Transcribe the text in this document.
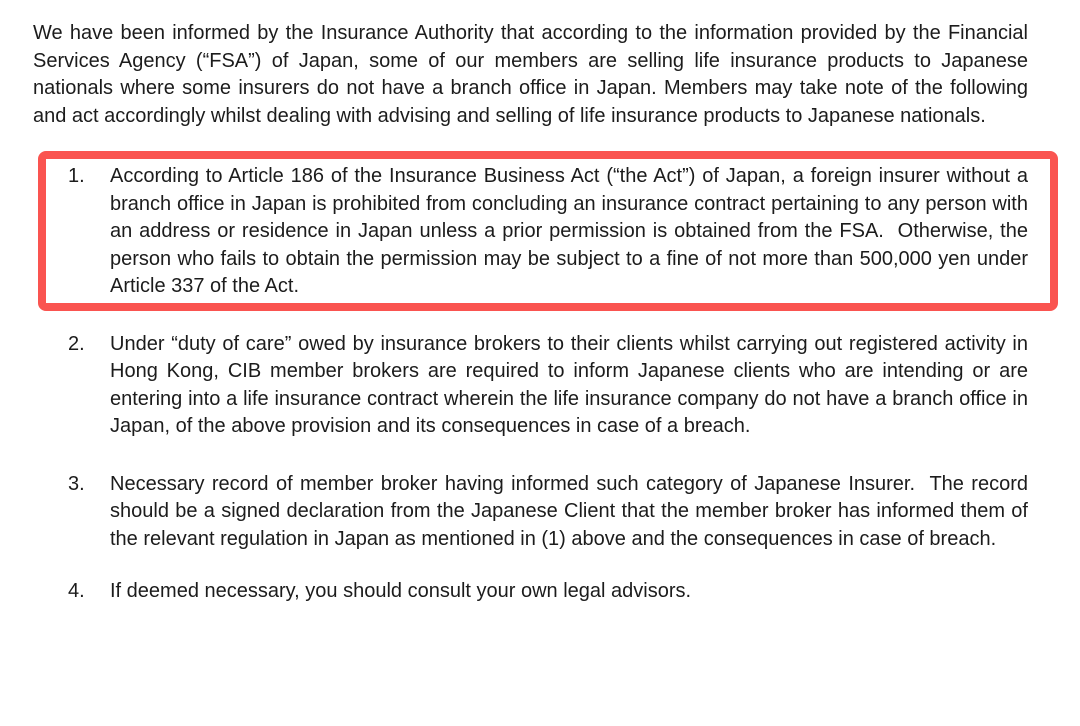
We have been informed by the Insurance Authority that according to the information provided by the Financial Services Agency (“FSA”) of Japan, some of our members are selling life insurance products to Japanese nationals where some insurers do not have a branch office in Japan. Members may take note of the following and act accordingly whilst dealing with advising and selling of life insurance products to Japanese nationals.

1.	According to Article 186 of the Insurance Business Act (“the Act”) of Japan, a foreign insurer without a branch office in Japan is prohibited from concluding an insurance contract pertaining to any person with an address or residence in Japan unless a prior permission is obtained from the FSA.  Otherwise, the person who fails to obtain the permission may be subject to a fine of not more than 500,000 yen under Article 337 of the Act.
2.	Under “duty of care” owed by insurance brokers to their clients whilst carrying out registered activity in Hong Kong, CIB member brokers are required to inform Japanese clients who are intending or are entering into a life insurance contract wherein the life insurance company do not have a branch office in Japan, of the above provision and its consequences in case of a breach.
3.	Necessary record of member broker having informed such category of Japanese Insurer.  The record should be a signed declaration from the Japanese Client that the member broker has informed them of the relevant regulation in Japan as mentioned in (1) above and the consequences in case of breach.
4.	If deemed necessary, you should consult your own legal advisors.
